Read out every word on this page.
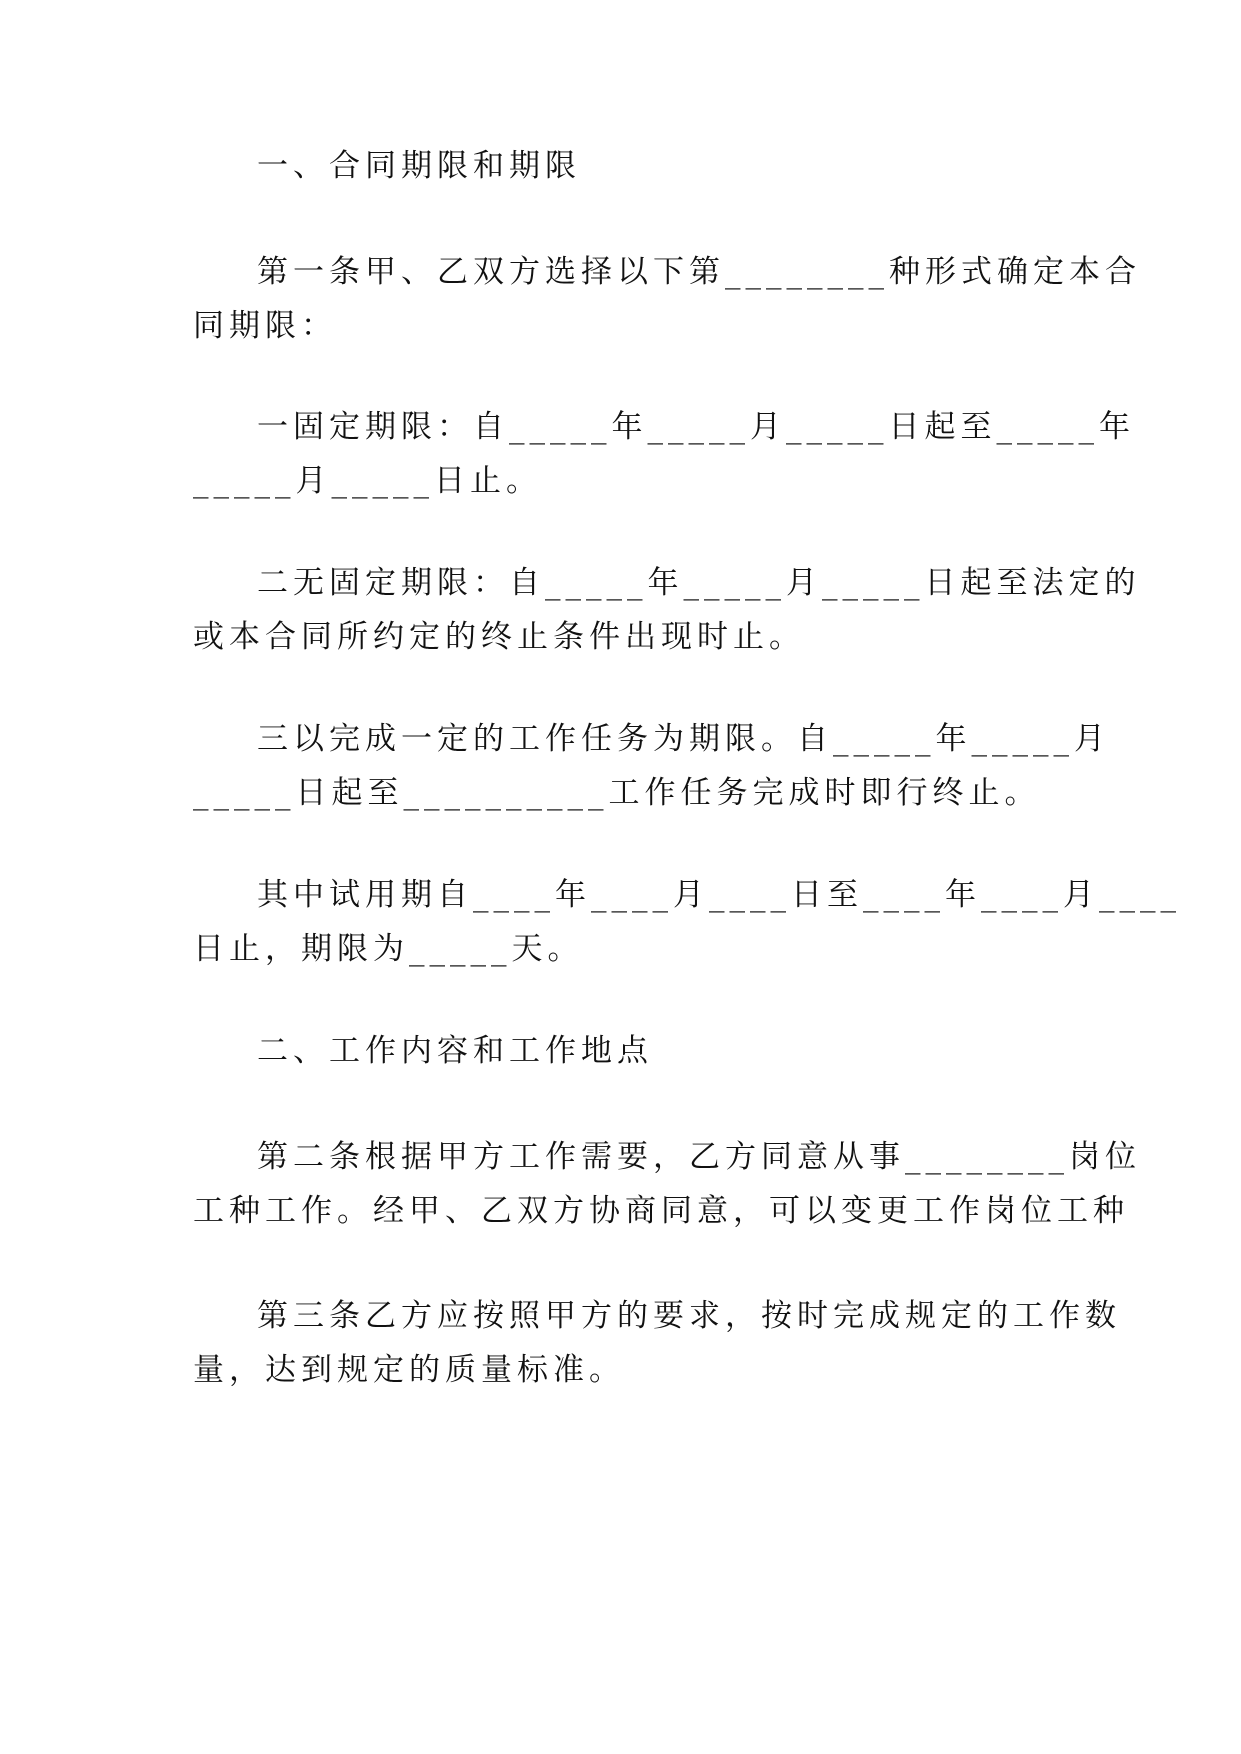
一、合同期限和期限

第一条甲、乙双方选择以下第________种形式确定本合

同期限：

一固定期限：自_____年_____月_____日起至_____年

_____月_____日止。

二无固定期限：自_____年_____月_____日起至法定的

或本合同所约定的终止条件出现时止。

三以完成一定的工作任务为期限。自_____年_____月

_____日起至__________工作任务完成时即行终止。

其中试用期自____年____月____日至____年____月____

日止，期限为_____天。

二、工作内容和工作地点

第二条根据甲方工作需要，乙方同意从事________岗位

工种工作。经甲、乙双方协商同意，可以变更工作岗位工种

第三条乙方应按照甲方的要求，按时完成规定的工作数

量，达到规定的质量标准。
